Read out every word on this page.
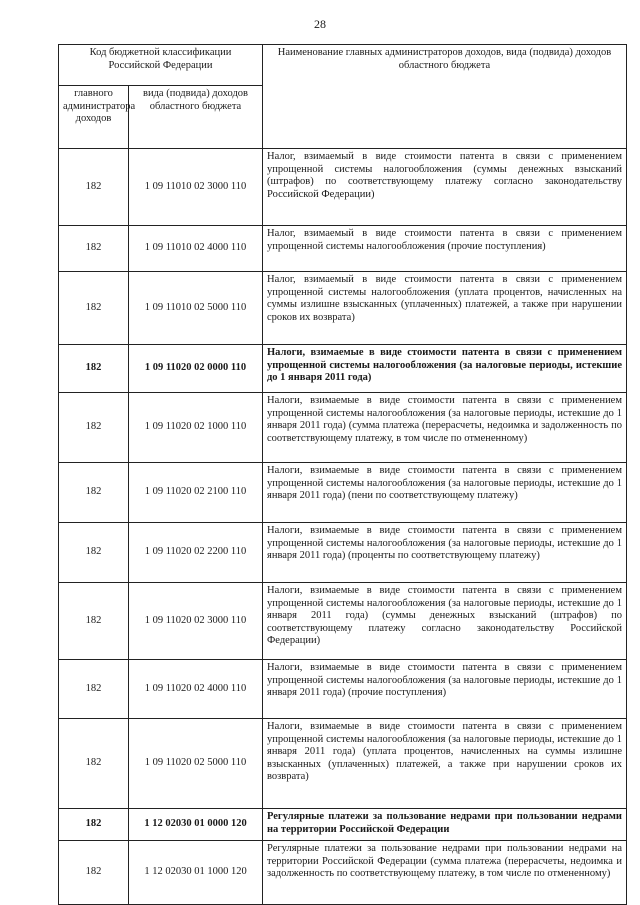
28
Код бюджетной классификации Российской Федерации		Наименование главных администраторов доходов, вида (подвида) доходов областного бюджета
главного администратора доходов	вида (подвида) доходов областного бюджета	
182	1 09 11010 02 3000 110	Налог, взимаемый в виде стоимости патента в связи с применением упрощенной системы налогообложения (суммы денежных взысканий (штрафов) по соответствующему платежу согласно законодательству Российской Федерации)
182	1 09 11010 02 4000 110	Налог, взимаемый в виде стоимости патента в связи с применением упрощенной системы налогообложения (прочие поступления)
182	1 09 11010 02 5000 110	Налог, взимаемый в виде стоимости патента в связи с применением упрощенной системы налогообложения (уплата процентов, начисленных на суммы излишне взысканных (уплаченных) платежей, а также при нарушении сроков их возврата)
182	1 09 11020 02 0000 110	Налоги, взимаемые в виде стоимости патента в связи с применением упрощенной системы налогообложения (за налоговые периоды, истекшие до 1 января 2011 года)
182	1 09 11020 02 1000 110	Налоги, взимаемые в виде стоимости патента в связи с применением упрощенной системы налогообложения (за налоговые периоды, истекшие до 1 января 2011 года) (сумма платежа (перерасчеты, недоимка и задолженность по соответствующему платежу, в том числе по отмененному)
182	1 09 11020 02 2100 110	Налоги, взимаемые в виде стоимости патента в связи с применением упрощенной системы налогообложения (за налоговые периоды, истекшие до 1 января 2011 года) (пени по соответствующему платежу)
182	1 09 11020 02 2200 110	Налоги, взимаемые в виде стоимости патента в связи с применением упрощенной системы налогообложения (за налоговые периоды, истекшие до 1 января 2011 года) (проценты по соответствующему платежу)
182	1 09 11020 02 3000 110	Налоги, взимаемые в виде стоимости патента в связи с применением упрощенной системы налогообложения (за налоговые периоды, истекшие до 1 января 2011 года) (суммы денежных взысканий (штрафов) по соответствующему платежу согласно законодательству Российской Федерации)
182	1 09 11020 02 4000 110	Налоги, взимаемые в виде стоимости патента в связи с применением упрощенной системы налогообложения (за налоговые периоды, истекшие до 1 января 2011 года) (прочие поступления)
182	1 09 11020 02 5000 110	Налоги, взимаемые в виде стоимости патента в связи с применением упрощенной системы налогообложения (за налоговые периоды, истекшие до 1 января 2011 года) (уплата процентов, начисленных на суммы излишне взысканных (уплаченных) платежей, а также при нарушении сроков их возврата)
182	1 12 02030 01 0000 120	Регулярные платежи за пользование недрами при пользовании недрами на территории Российской Федерации
182	1 12 02030 01 1000 120	Регулярные платежи за пользование недрами при пользовании недрами на территории Российской Федерации (сумма платежа (перерасчеты, недоимка и задолженность по соответствующему платежу, в том числе по отмененному)
